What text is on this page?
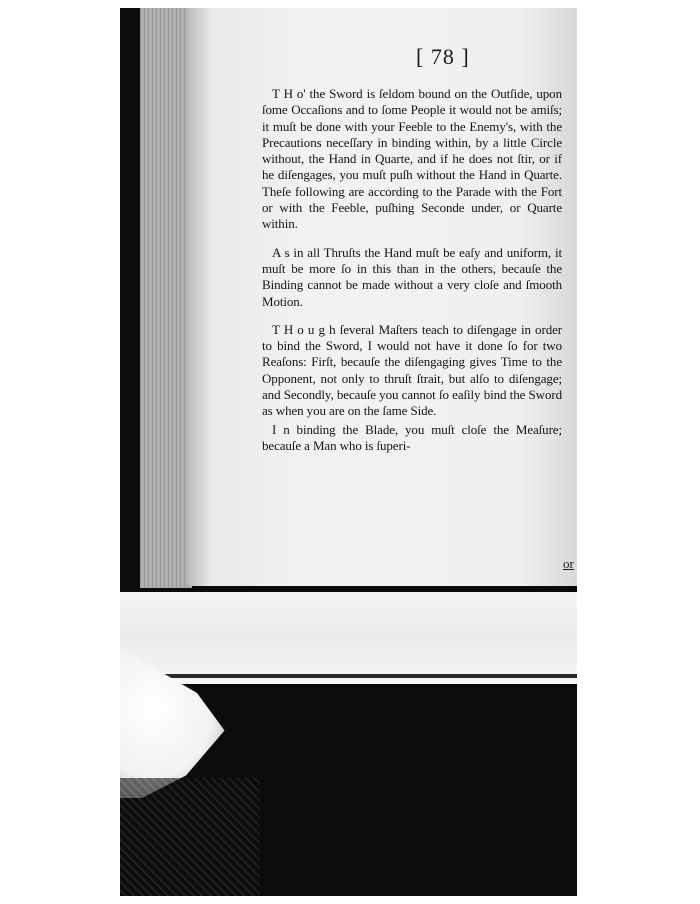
[ 78 ]

T H o' the Sword is ſeldom bound on the Outſide, upon ſome Occaſions and to ſome People it would not be amiſs; it muſt be done with your Feeble to the Enemy's, with the Precautions neceſſary in binding within, by a little Circle without, the Hand in Quarte, and if he does not ſtir, or if he diſengages, you muſt puſh without the Hand in Quarte. Theſe following are according to the Parade with the Fort or with the Feeble, puſhing Seconde under, or Quarte within.

A s in all Thruſts the Hand muſt be eaſy and uniform, it muſt be more ſo in this than in the others, becauſe the Binding cannot be made without a very cloſe and ſmooth Motion.

T H o u g h ſeveral Maſters teach to diſengage in order to bind the Sword, I would not have it done ſo for two Reaſons: Firſt, becauſe the diſengaging gives Time to the Opponent, not only to thruſt ſtrait, but alſo to diſengage; and Secondly, becauſe you cannot ſo eaſily bind the Sword as when you are on the ſame Side.

I n binding the Blade, you muſt cloſe the Meaſure; becauſe a Man who is ſuperi-

or
